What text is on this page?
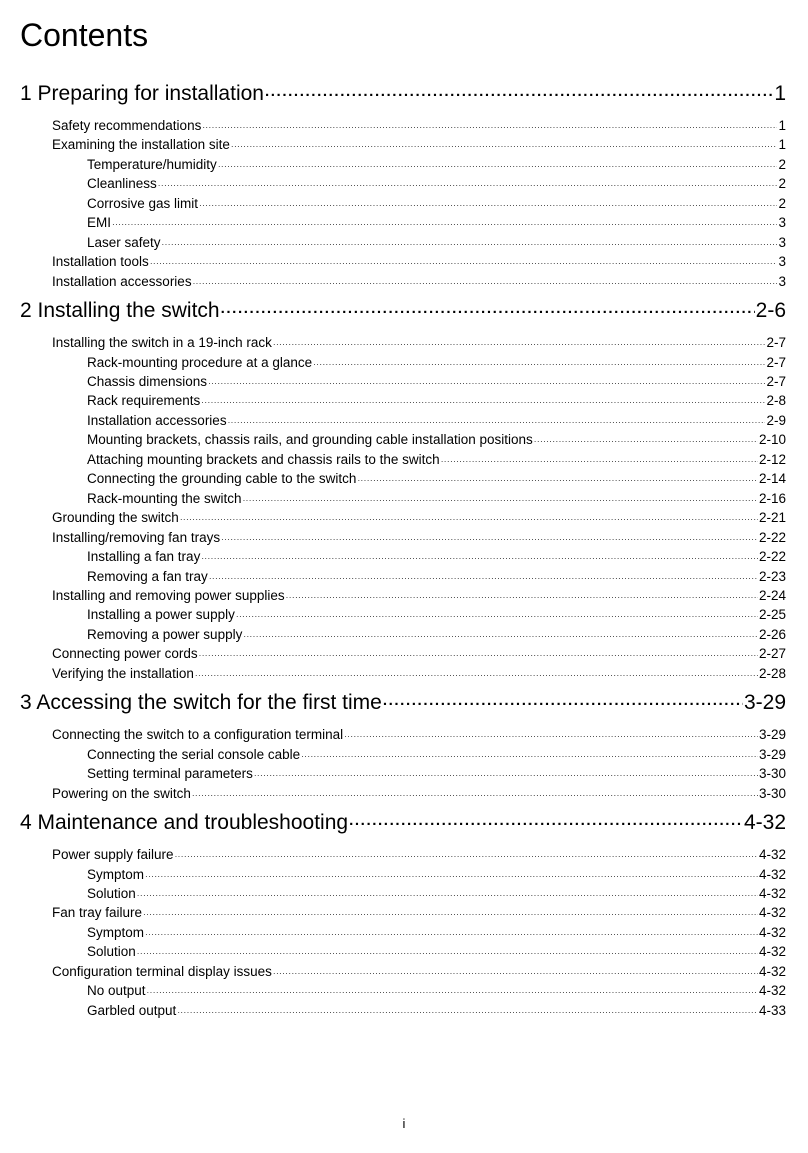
Contents
1 Preparing for installation ·····	1
Safety recommendations ·····	1
Examining the installation site ·····	1
Temperature/humidity ·····	2
Cleanliness ·····	2
Corrosive gas limit ·····	2
EMI ·····	3
Laser safety ·····	3
Installation tools ·····	3
Installation accessories ·····	3
2 Installing the switch ·····	2-6
Installing the switch in a 19-inch rack ·····	2-7
Rack-mounting procedure at a glance ·····	2-7
Chassis dimensions ·····	2-7
Rack requirements ·····	2-8
Installation accessories ·····	2-9
Mounting brackets, chassis rails, and grounding cable installation positions ·····	2-10
Attaching mounting brackets and chassis rails to the switch ·····	2-12
Connecting the grounding cable to the switch ·····	2-14
Rack-mounting the switch ·····	2-16
Grounding the switch ·····	2-21
Installing/removing fan trays ·····	2-22
Installing a fan tray ·····	2-22
Removing a fan tray ·····	2-23
Installing and removing power supplies ·····	2-24
Installing a power supply ·····	2-25
Removing a power supply ·····	2-26
Connecting power cords ·····	2-27
Verifying the installation ·····	2-28
3 Accessing the switch for the first time ·····	3-29
Connecting the switch to a configuration terminal ·····	3-29
Connecting the serial console cable ·····	3-29
Setting terminal parameters ·····	3-30
Powering on the switch ·····	3-30
4 Maintenance and troubleshooting ·····	4-32
Power supply failure ·····	4-32
Symptom ·····	4-32
Solution ·····	4-32
Fan tray failure ·····	4-32
Symptom ·····	4-32
Solution ·····	4-32
Configuration terminal display issues ·····	4-32
No output ·····	4-32
Garbled output ·····	4-33
i
